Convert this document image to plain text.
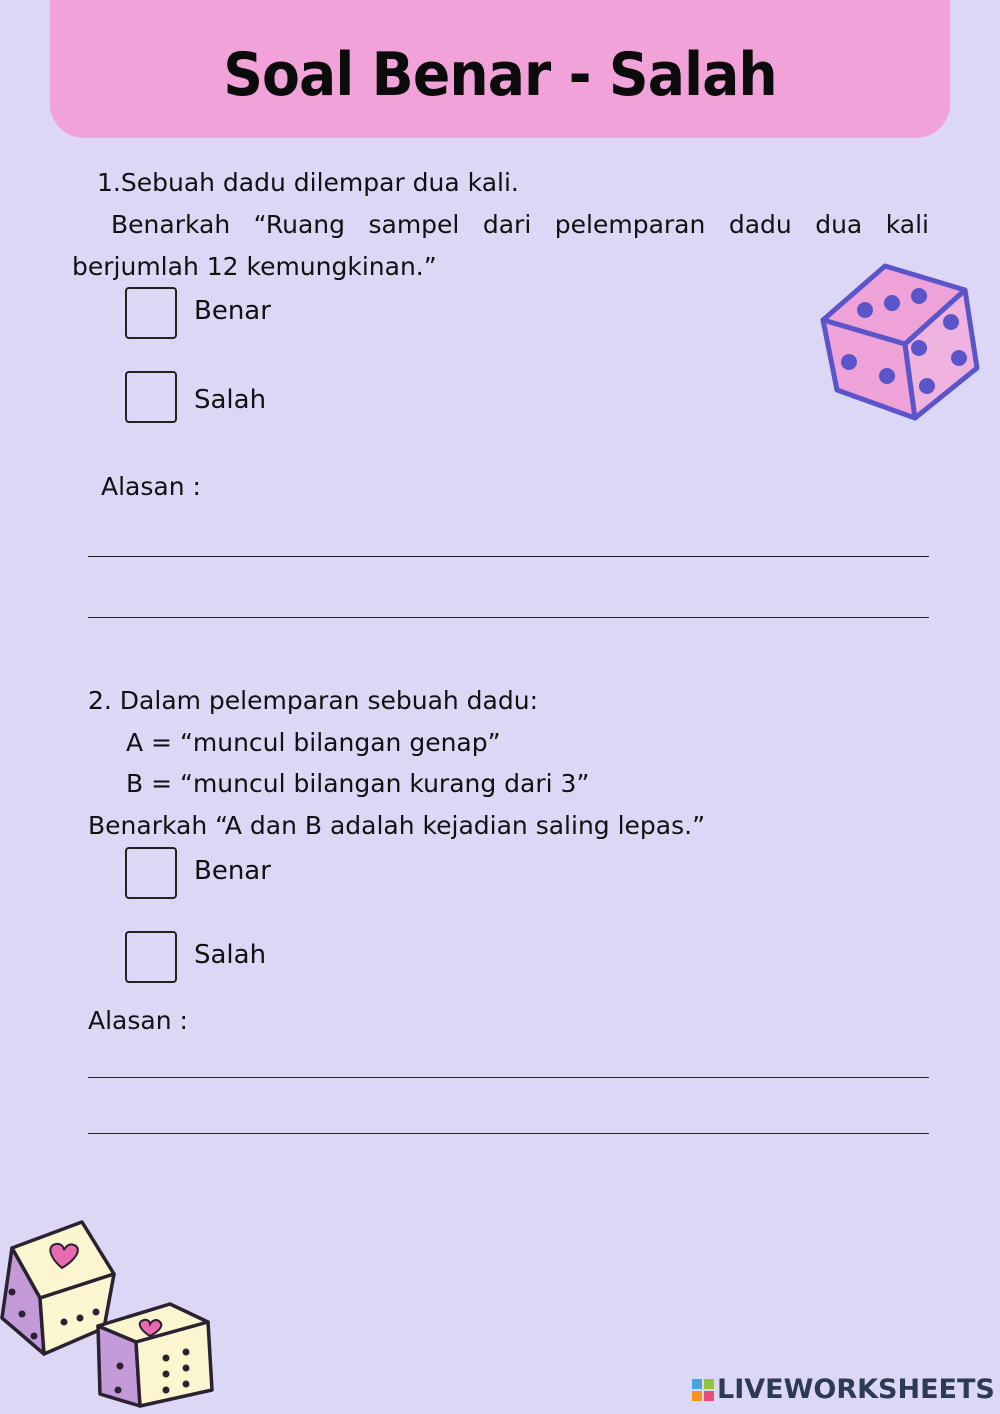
Soal Benar - Salah
1.Sebuah dadu dilempar dua kali.
Benarkah “Ruang sampel dari pelemparan dadu dua kali berjumlah 12 kemungkinan.”
Benar
Salah
Alasan :
2. Dalam pelemparan sebuah dadu:
A = “muncul bilangan genap”
B = “muncul bilangan kurang dari 3”
Benarkah “A dan B adalah kejadian saling lepas.”
Benar
Salah
Alasan :
LIVEWORKSHEETS
